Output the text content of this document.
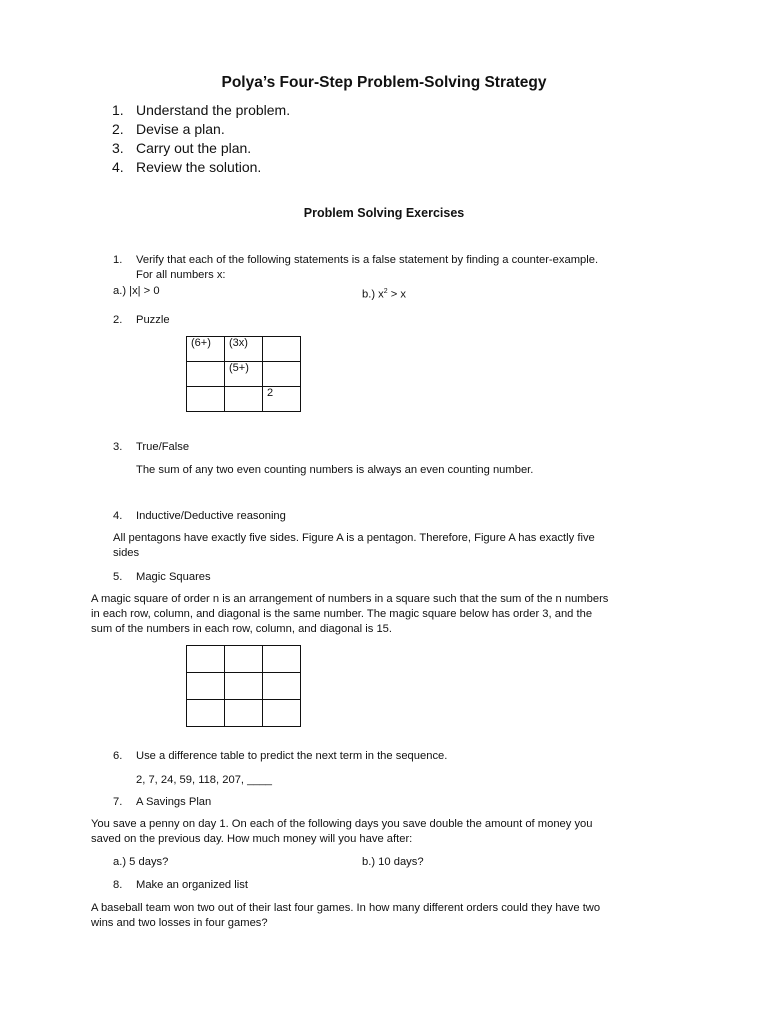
Polya’s Four-Step Problem-Solving Strategy
1. Understand the problem.
2. Devise a plan.
3. Carry out the plan.
4. Review the solution.
Problem Solving Exercises
1. Verify that each of the following statements is a false statement by finding a counter-example.
For all numbers x:
a.) |x| > 0	b.) $x^2 > x$
2. Puzzle
(6+)	(3x)	
	(5+)	
		2
3. True/False
The sum of any two even counting numbers is always an even counting number.
4. Inductive/Deductive reasoning
All pentagons have exactly five sides. Figure A is a pentagon. Therefore, Figure A has exactly five
sides
5. Magic Squares
A magic square of order n is an arrangement of numbers in a square such that the sum of the n numbers
in each row, column, and diagonal is the same number. The magic square below has order 3, and the
sum of the numbers in each row, column, and diagonal is 15.

6. Use a difference table to predict the next term in the sequence.
2, 7, 24, 59, 118, 207, ____
7. A Savings Plan
You save a penny on day 1. On each of the following days you save double the amount of money you
saved on the previous day. How much money will you have after:
a.) 5 days?	b.) 10 days?
8. Make an organized list
A baseball team won two out of their last four games. In how many different orders could they have two
wins and two losses in four games?
